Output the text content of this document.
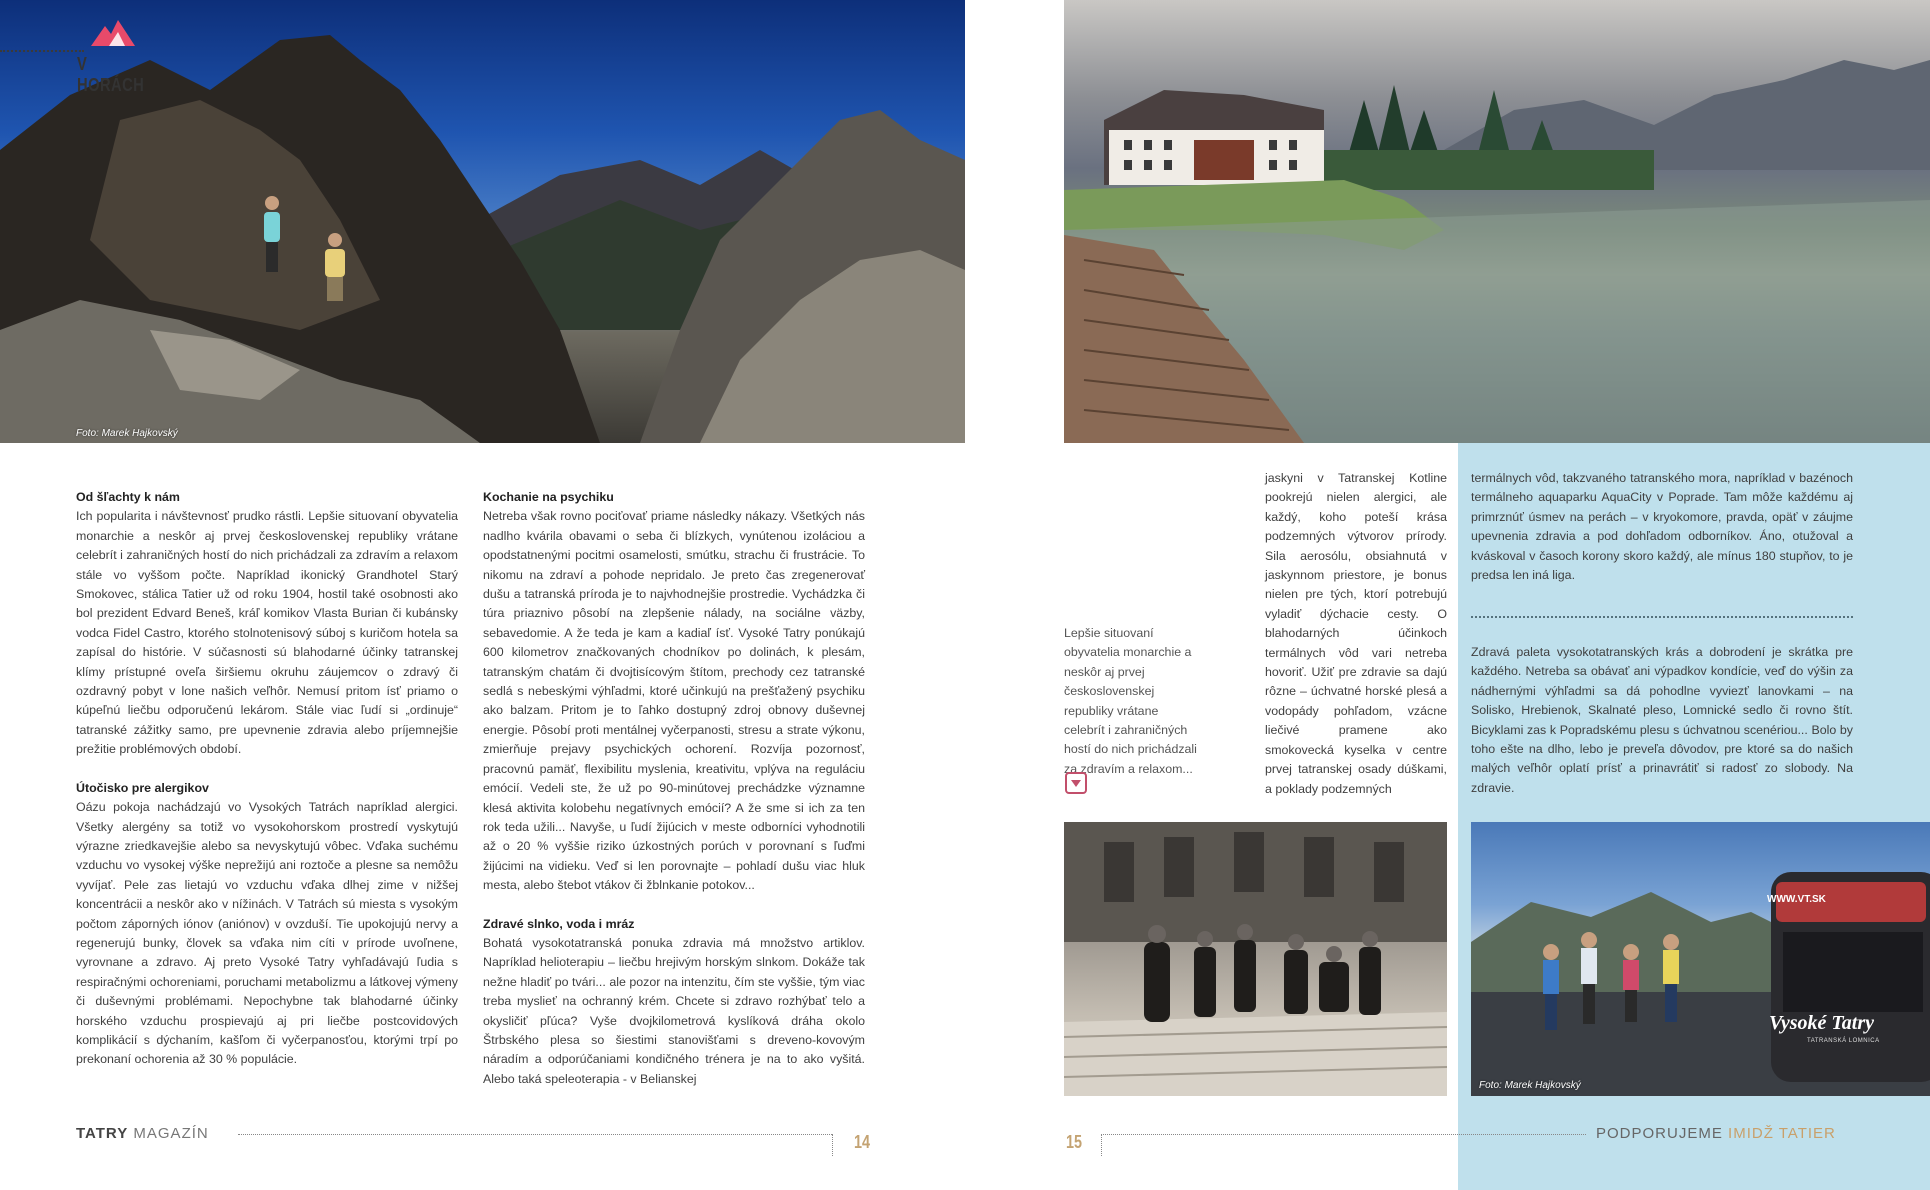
Foto: Marek Hajkovský
V HORÁCH

Od šľachty k nám
Ich popularita i návštevnosť prudko rástli. Lepšie situovaní obyvatelia monarchie a neskôr aj prvej československej republiky vrátane celebrít i zahraničných hostí do nich prichádzali za zdravím a relaxom stále vo vyššom počte. Napríklad ikonický Grandhotel Starý Smokovec, stálica Tatier už od roku 1904, hostil také osobnosti ako bol prezident Edvard Beneš, kráľ komikov Vlasta Burian či kubánsky vodca Fidel Castro, ktorého stolnotenisový súboj s kuričom hotela sa zapísal do histórie. V súčasnosti sú blahodarné účinky tatranskej klímy prístupné oveľa širšiemu okruhu záujemcov o zdravý či ozdravný pobyt v lone našich veľhôr. Nemusí pritom ísť priamo o kúpeľnú liečbu odporučenú lekárom. Stále viac ľudí si „ordinuje“ tatranské zážitky samo, pre upevnenie zdravia alebo príjemnejšie prežitie problémových období.

Útočisko pre alergikov
Oázu pokoja nachádzajú vo Vysokých Tatrách napríklad alergici. Všetky alergény sa totiž vo vysokohorskom prostredí vyskytujú výrazne zriedkavejšie alebo sa nevyskytujú vôbec. Vďaka suchému vzduchu vo vysokej výške neprežijú ani roztoče a plesne sa nemôžu vyvíjať. Pele zas lietajú vo vzduchu vďaka dlhej zime v nižšej koncentrácii a neskôr ako v nížinách. V Tatrách sú miesta s vysokým počtom záporných iónov (aniónov) v ovzduší. Tie upokojujú nervy a regenerujú bunky, človek sa vďaka nim cíti v prírode uvoľnene, vyrovnane a zdravo. Aj preto Vysoké Tatry vyhľadávajú ľudia s respiračnými ochoreniami, poruchami metabolizmu a látkovej výmeny či duševnými problémami. Nepochybne tak blahodarné účinky horského vzduchu prospievajú aj pri liečbe postcovidových komplikácií s dýchaním, kašľom či vyčerpanosťou, ktorými trpí po prekonaní ochorenia až 30 % populácie.

Kochanie na psychiku
Netreba však rovno pociťovať priame následky nákazy. Všetkých nás nadlho kvárila obavami o seba či blízkych, vynútenou izoláciou a opodstatnenými pocitmi osamelosti, smútku, strachu či frustrácie. To nikomu na zdraví a pohode nepridalo. Je preto čas zregenerovať dušu a tatranská príroda je to najvhodnejšie prostredie. Vychádzka či túra priaznivo pôsobí na zlepšenie nálady, na sociálne väzby, sebavedomie. A že teda je kam a kadiaľ ísť. Vysoké Tatry ponúkajú 600 kilometrov značkovaných chodníkov po dolinách, k plesám, tatranským chatám či dvojtisícovým štítom, prechody cez tatranské sedlá s nebeskými výhľadmi, ktoré učinkujú na prešťažený psychiku ako balzam. Pritom je to ľahko dostupný zdroj obnovy duševnej energie. Pôsobí proti mentálnej vyčerpanosti, stresu a strate výkonu, zmierňuje prejavy psychických ochorení. Rozvíja pozornosť, pracovnú pamäť, flexibilitu myslenia, kreativitu, vplýva na reguláciu emócií. Vedeli ste, že už po 90-minútovej prechádzke významne klesá aktivita kolobehu negatívnych emócií? A že sme si ich za ten rok teda užili... Navyše, u ľudí žijúcich v meste odborníci vyhodnotili až o 20 % vyššie riziko úzkostných porúch v porovnaní s ľuďmi žijúcimi na vidieku. Veď si len porovnajte – pohladí dušu viac hluk mesta, alebo štebot vtákov či žblnkanie potokov...

Zdravé slnko, voda i mráz
Bohatá vysokotatranská ponuka zdravia má množstvo artiklov. Napríklad helioterapiu – liečbu hrejivým horským slnkom. Dokáže tak nežne hladiť po tvári... ale pozor na intenzitu, čím ste vyššie, tým viac treba myslieť na ochranný krém. Chcete si zdravo rozhýbať telo a okysličiť pľúca? Vyše dvojkilometrová kyslíková dráha okolo Štrbského plesa so šiestimi stanovišťami s dreveno-kovovým náradím a odporúčaniami kondičného trénera je na to ako vyšitá. Alebo taká speleoterapia - v Belianskej

Lepšie situovaní obyvatelia monarchie a neskôr aj prvej československej republiky vrátane celebrít i zahraničných hostí do nich prichádzali za zdravím a relaxom...

jaskyni v Tatranskej Kotline pookrejú nielen alergici, ale každý, koho poteší krása podzemných výtvorov prírody. Sila aerosólu, obsiahnutá v jaskynnom priestore, je bonus nielen pre tých, ktorí potrebujú vyladiť dýchacie cesty. O blahodarných účinkoch termálnych vôd vari netreba hovoriť. Užiť pre zdravie sa dajú rôzne – úchvatné horské plesá a vodopády pohľadom, vzácne liečivé pramene ako smokovecká kyselka v centre prvej tatranskej osady dúškami, a poklady podzemných

termálnych vôd, takzvaného tatranského mora, napríklad v bazénoch termálneho aquaparku AquaCity v Poprade. Tam môže každému aj primrznúť úsmev na perách – v kryokomore, pravda, opäť v záujme upevnenia zdravia a pod dohľadom odborníkov. Áno, otužoval a kváskoval v časoch korony skoro každý, ale mínus 180 stupňov, to je predsa len iná liga.

Zdravá paleta vysokotatranských krás a dobrodení je skrátka pre každého. Netreba sa obávať ani výpadkov kondície, veď do výšin za nádhernými výhľadmi sa dá pohodlne vyviezť lanovkami – na Solisko, Hrebienok, Skalnaté pleso, Lomnické sedlo či rovno štít. Bicyklami zas k Popradskému plesu s úchvatnou scenériou... Bolo by toho ešte na dlho, lebo je preveľa dôvodov, pre ktoré sa do našich malých veľhôr oplatí prísť a prinavrátiť si radosť zo slobody. Na zdravie.

WWW.VT.SK
Vysoké Tatry
TATRANSKÁ LOMNICA
Foto: Marek Hajkovský
TATRY MAGAZÍN	14	15	PODPORUJEME IMIDŽ TATIER
